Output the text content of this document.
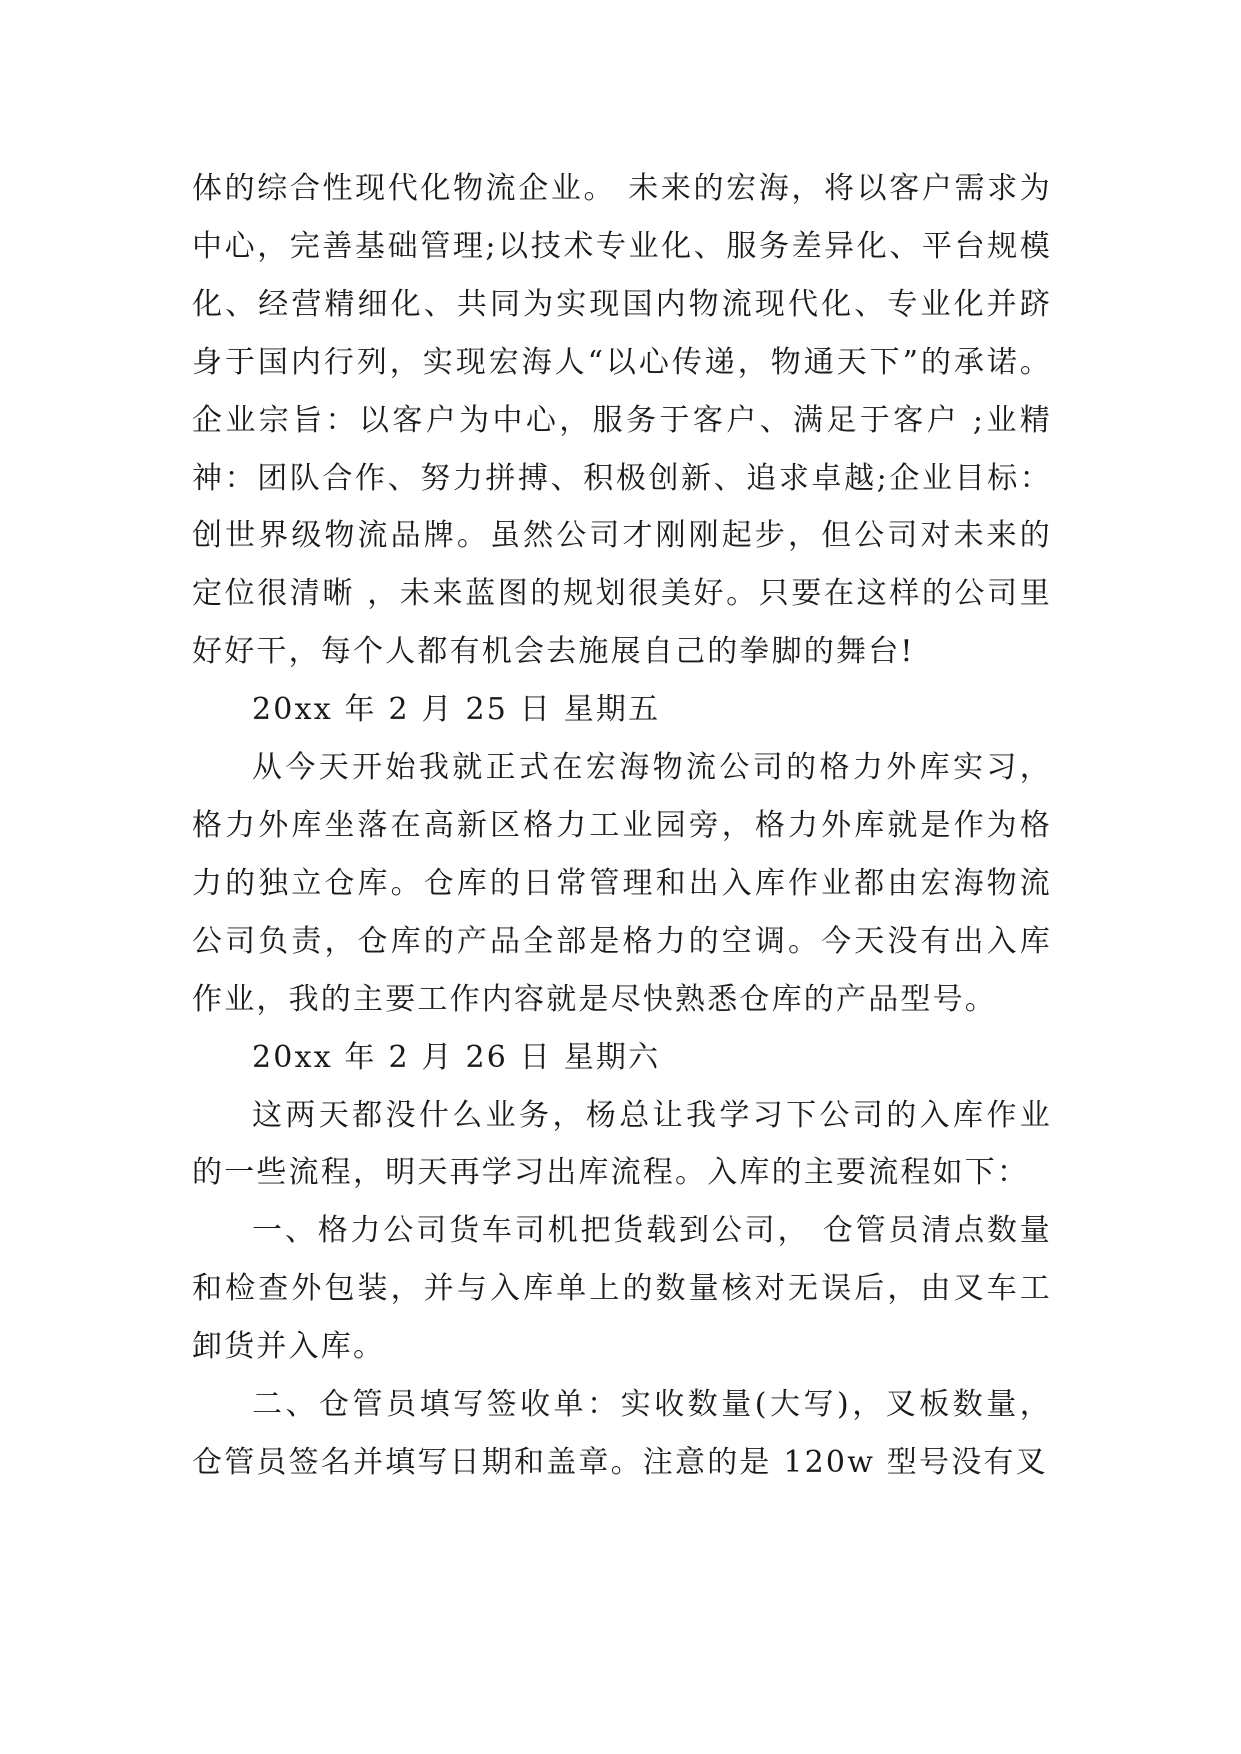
体的综合性现代化物流企业。 未来的宏海，将以客户需求为中心，完善基础管理;以技术专业化、服务差异化、平台规模化、经营精细化、共同为实现国内物流现代化、专业化并跻身于国内行列，实现宏海人“以心传递，物通天下”的承诺。 企业宗旨：以客户为中心，服务于客户、满足于客户 ;业精神：团队合作、努力拼搏、积极创新、追求卓越;企业目标：创世界级物流品牌。虽然公司才刚刚起步，但公司对未来的定位很清晰 ，未来蓝图的规划很美好。只要在这样的公司里好好干，每个人都有机会去施展自己的拳脚的舞台!

20xx 年 2 月 25 日 星期五

从今天开始我就正式在宏海物流公司的格力外库实习，格力外库坐落在高新区格力工业园旁，格力外库就是作为格力的独立仓库。仓库的日常管理和出入库作业都由宏海物流公司负责，仓库的产品全部是格力的空调。今天没有出入库作业，我的主要工作内容就是尽快熟悉仓库的产品型号。

20xx 年 2 月 26 日 星期六

这两天都没什么业务，杨总让我学习下公司的入库作业的一些流程，明天再学习出库流程。入库的主要流程如下：

一、格力公司货车司机把货载到公司， 仓管员清点数量和检查外包装，并与入库单上的数量核对无误后，由叉车工卸货并入库。

二、仓管员填写签收单：实收数量(大写)，叉板数量，仓管员签名并填写日期和盖章。注意的是 120w 型号没有叉
